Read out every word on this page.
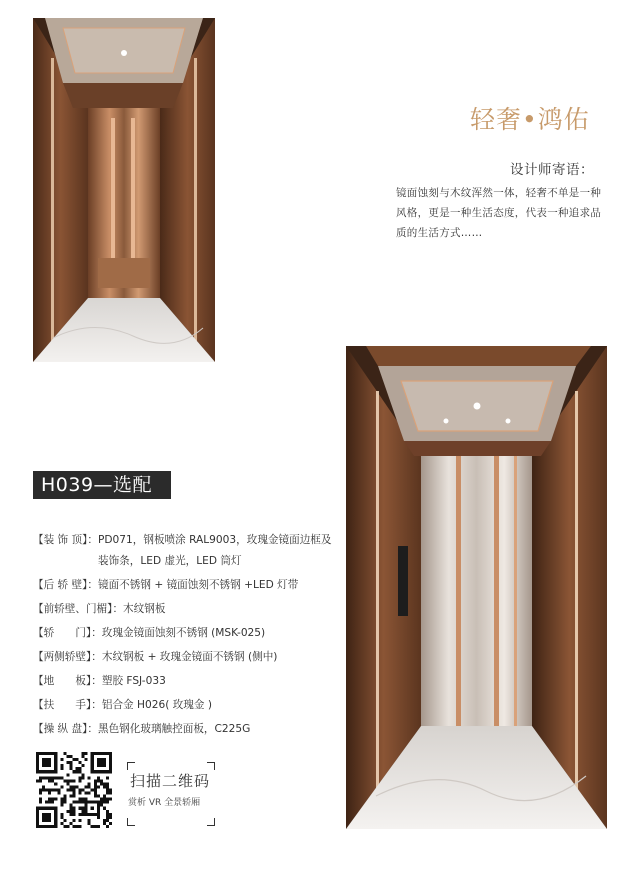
轻奢•鸿佑
设计师寄语：
镜面蚀刻与木纹浑然一体，轻奢不单是一种风格，更是一种生活态度，代表一种追求品质的生活方式……
H039—选配
【装 饰 顶】： PD071，钢板喷涂 RAL9003，玫瑰金镜面边框及装饰条，LED 虚光，LED 筒灯
【后 轿 壁】： 镜面不锈钢 + 镜面蚀刻不锈钢 +LED 灯带
【前轿壁、门楣】： 木纹钢板
【轿　　门】： 玫瑰金镜面蚀刻不锈钢 (MSK-025)
【两侧轿壁】： 木纹钢板 + 玫瑰金镜面不锈钢 (侧中)
【地　　板】： 塑胶 FSJ-033
【扶　　手】： 铝合金 H026( 玫瑰金 )
【操 纵 盘】： 黑色钢化玻璃触控面板，C225G
扫描二维码
赏析 VR 全景轿厢
